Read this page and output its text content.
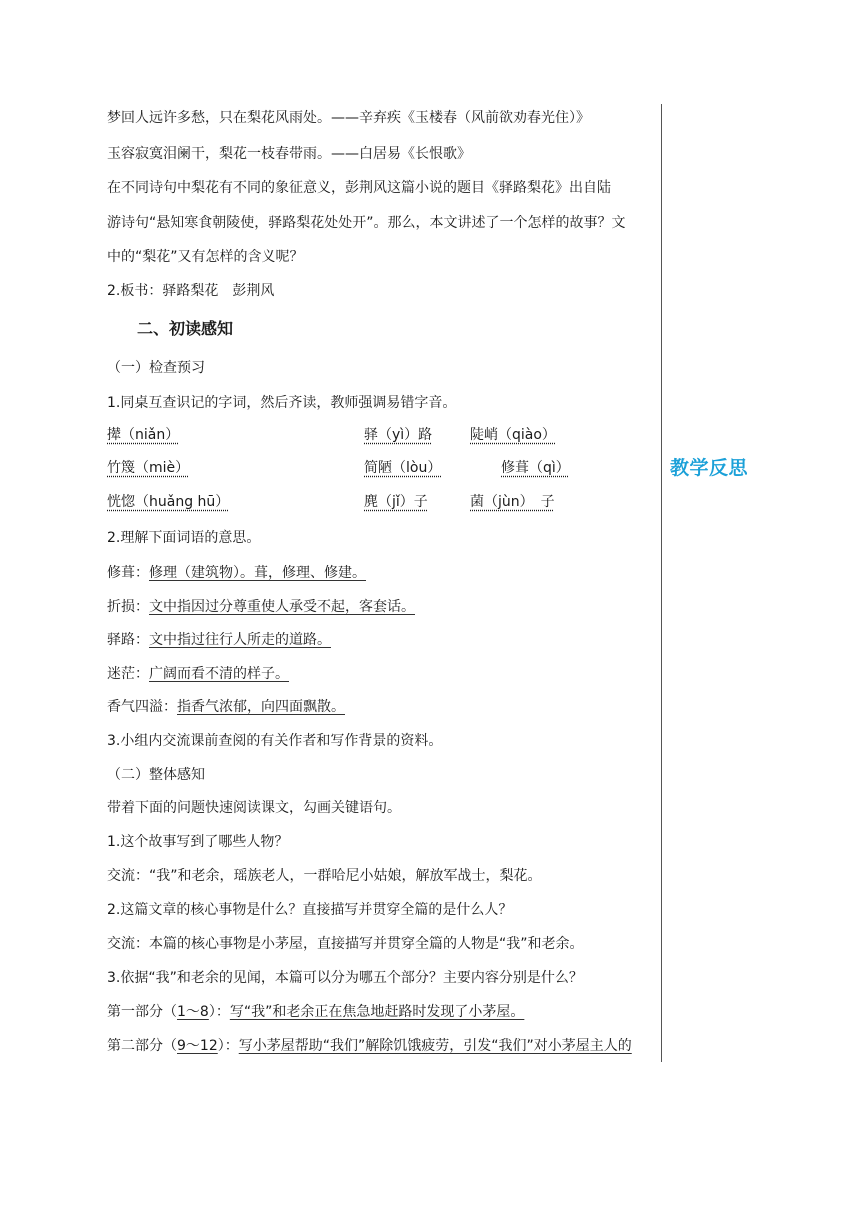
教学反思
梦回人远许多愁，只在梨花风雨处。——辛弃疾《玉楼春（风前欲劝春光住）》
玉容寂寞泪阑干，梨花一枝春带雨。——白居易《长恨歌》
在不同诗句中梨花有不同的象征意义，彭荆风这篇小说的题目《驿路梨花》出自陆
游诗句“悬知寒食朝陵使，驿路梨花处处开”。那么，本文讲述了一个怎样的故事？文
中的“梨花”又有怎样的含义呢？
2.板书：驿路梨花　彭荆风
二、初读感知
（一）检查预习
1.同桌互查识记的字词，然后齐读，教师强调易错字音。
撵（niǎn）	驿（yì）路	陡峭（qiào）
竹篾（miè）	简陋（lòu）	修葺（qì）
恍惚（huǎng hū）	麂（jǐ）子	菌（jùn）　子
2.理解下面词语的意思。
修葺：修理（建筑物）。葺，修理、修建。
折损：文中指因过分尊重使人承受不起，客套话。
驿路：文中指过往行人所走的道路。
迷茫：广阔而看不清的样子。
香气四溢：指香气浓郁，向四面飘散。
3.小组内交流课前查阅的有关作者和写作背景的资料。
（二）整体感知
带着下面的问题快速阅读课文，勾画关键语句。
1.这个故事写到了哪些人物？
交流：“我”和老余，瑶族老人，一群哈尼小姑娘，解放军战士，梨花。
2.这篇文章的核心事物是什么？直接描写并贯穿全篇的是什么人？
交流：本篇的核心事物是小茅屋，直接描写并贯穿全篇的人物是“我”和老余。
3.依据“我”和老余的见闻，本篇可以分为哪五个部分？主要内容分别是什么？
第一部分（1～8）：写“我”和老余正在焦急地赶路时发现了小茅屋。
第二部分（9～12）：写小茅屋帮助“我们”解除饥饿疲劳，引发“我们”对小茅屋主人的
